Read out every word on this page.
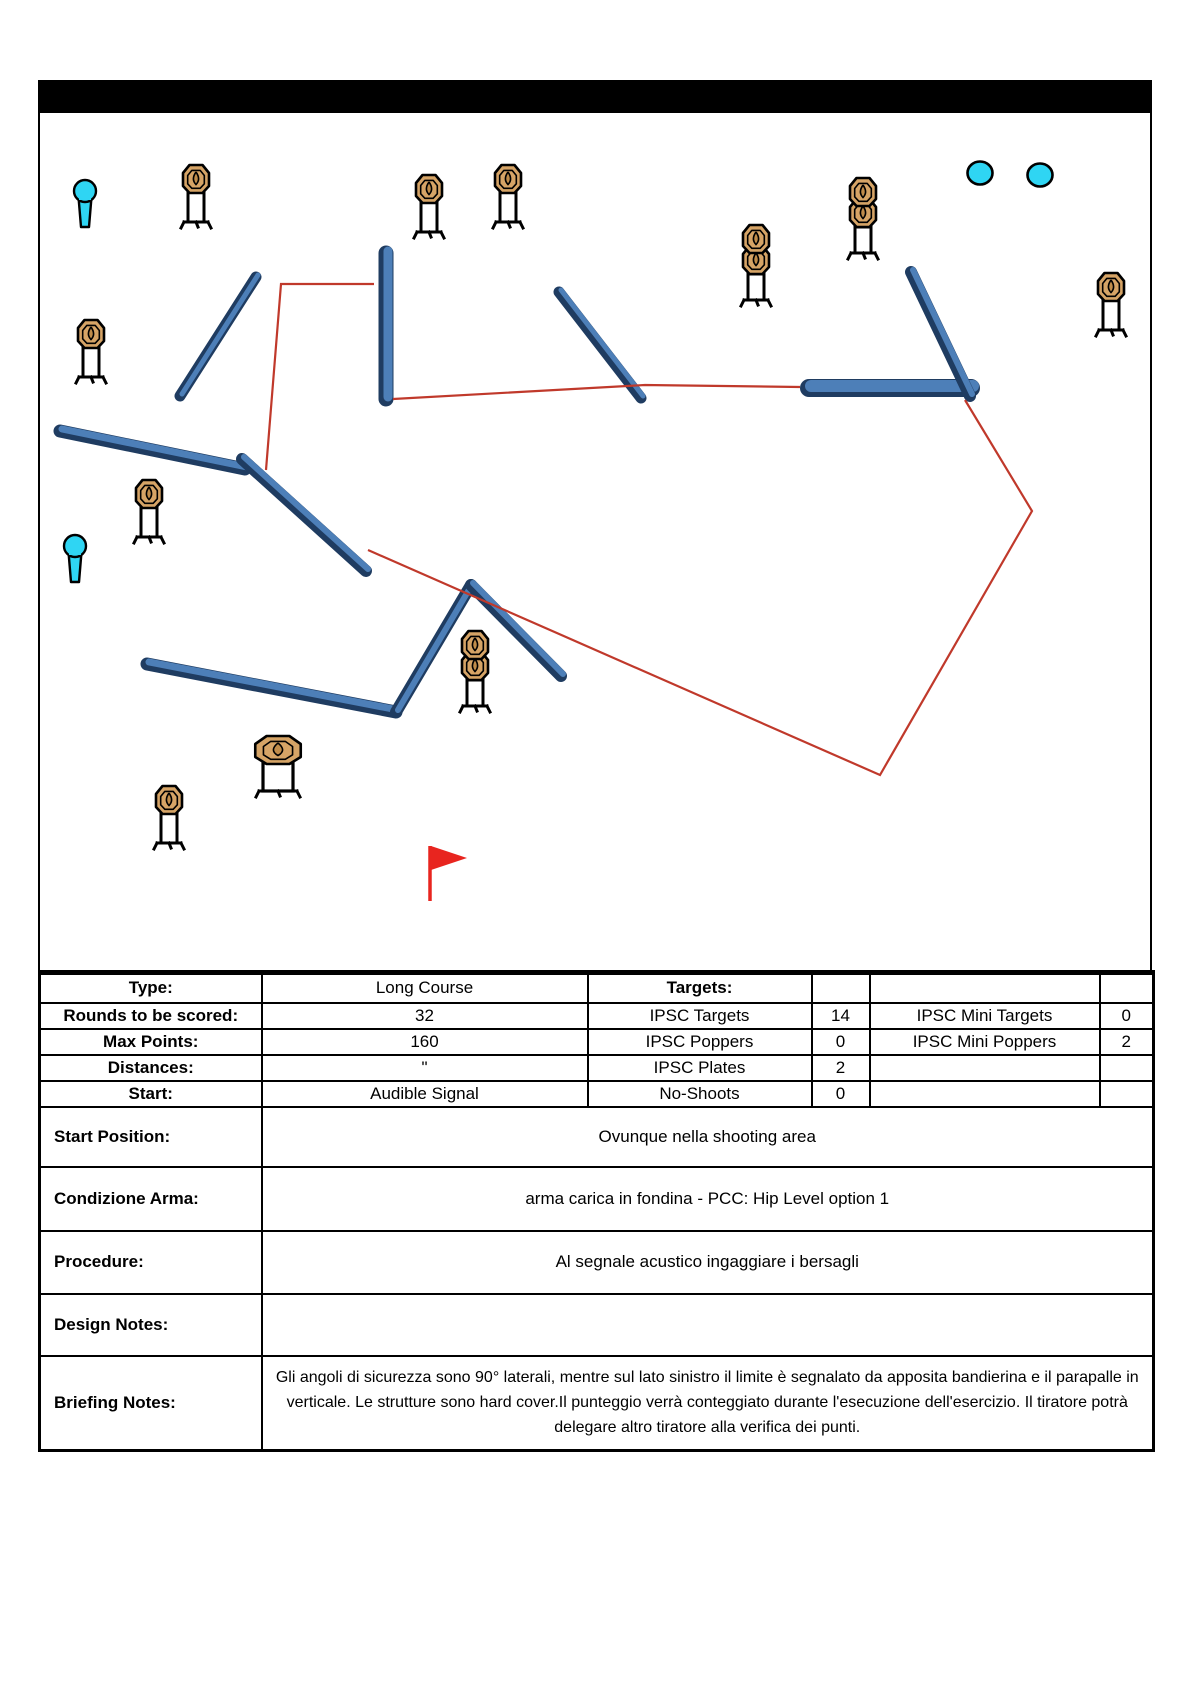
Type:	Long Course	Targets:			
Rounds to be scored:	32	IPSC Targets	14	IPSC Mini Targets	0
Max Points:	160	IPSC Poppers	0	IPSC Mini Poppers	2
Distances:	"	IPSC Plates	2		
Start:	Audible Signal	No-Shoots	0		
Start Position:	Ovunque nella shooting area				
Condizione Arma:	arma carica in fondina - PCC: Hip Level option 1				
Procedure:	Al segnale acustico ingaggiare i bersagli				
Design Notes:					
Briefing Notes:	Gli angoli di sicurezza sono 90° laterali, mentre sul lato sinistro il limite è segnalato da apposita bandierina e il parapalle in verticale. Le strutture sono hard cover.Il punteggio verrà conteggiato durante l'esecuzione dell'esercizio. Il tiratore potrà delegare altro tiratore alla verifica dei punti.				
